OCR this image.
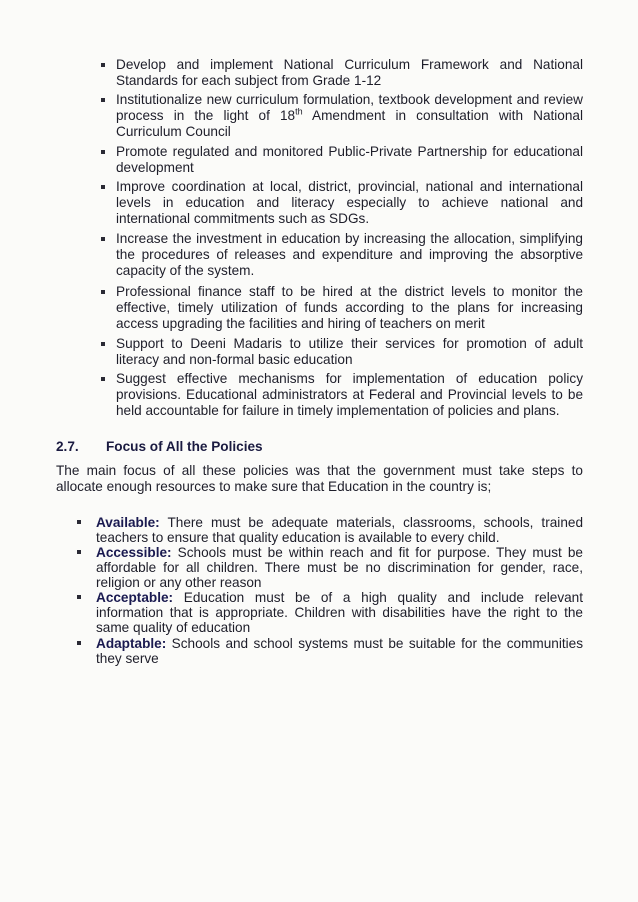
Develop and implement National Curriculum Framework and National Standards for each subject from Grade 1-12
Institutionalize new curriculum formulation, textbook development and review process in the light of 18th Amendment in consultation with National Curriculum Council
Promote regulated and monitored Public-Private Partnership for educational development
Improve coordination at local, district, provincial, national and international levels in education and literacy especially to achieve national and international commitments such as SDGs.
Increase the investment in education by increasing the allocation, simplifying the procedures of releases and expenditure and improving the absorptive capacity of the system.
Professional finance staff to be hired at the district levels to monitor the effective, timely utilization of funds according to the plans for increasing access upgrading the facilities and hiring of teachers on merit
Support to Deeni Madaris to utilize their services for promotion of adult literacy and non-formal basic education
Suggest effective mechanisms for implementation of education policy provisions. Educational administrators at Federal and Provincial levels to be held accountable for failure in timely implementation of policies and plans.
2.7. Focus of All the Policies

The main focus of all these policies was that the government must take steps to allocate enough resources to make sure that Education in the country is;

Available: There must be adequate materials, classrooms, schools, trained teachers to ensure that quality education is available to every child.
Accessible: Schools must be within reach and fit for purpose. They must be affordable for all children. There must be no discrimination for gender, race, religion or any other reason
Acceptable: Education must be of a high quality and include relevant information that is appropriate. Children with disabilities have the right to the same quality of education
Adaptable: Schools and school systems must be suitable for the communities they serve
